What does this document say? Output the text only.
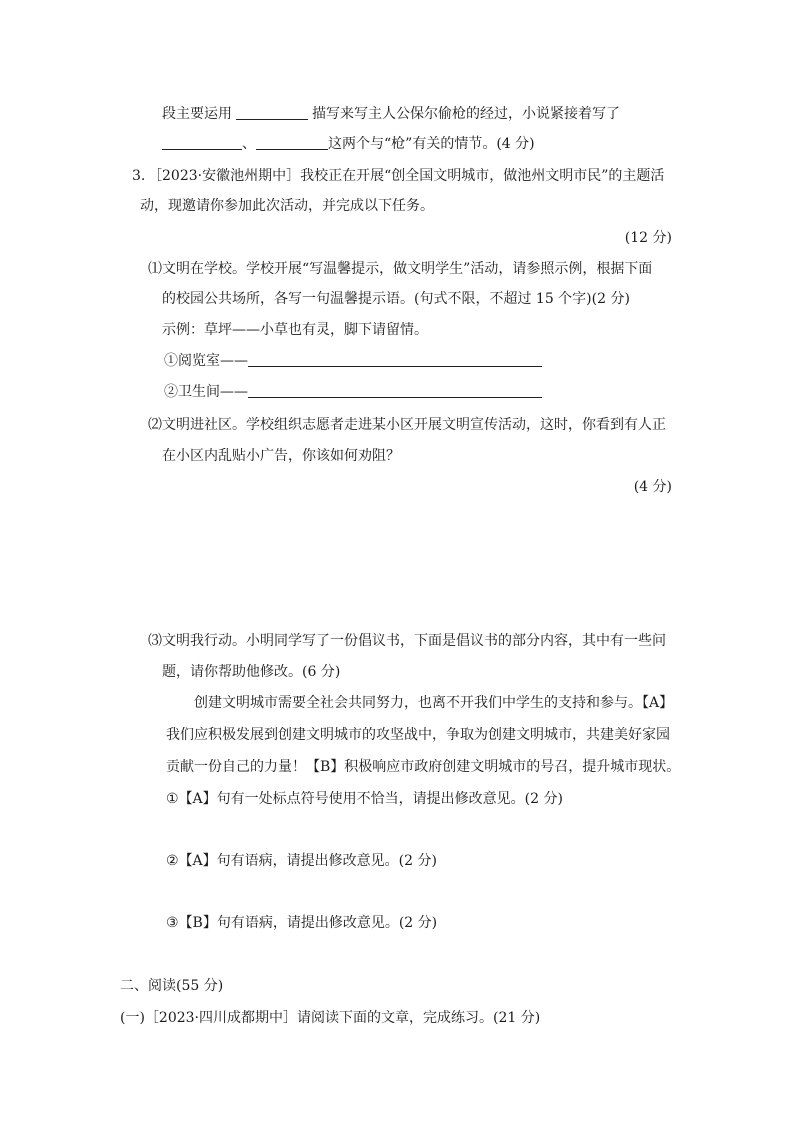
段主要运用	描写来写主人公保尔偷枪的经过，小说紧接着写了
、	这两个与“枪”有关的情节。(4 分)
3. ［2023·安徽池州期中］我校正在开展“创全国文明城市，做池州文明市民”的主题活
动，现邀请你参加此次活动，并完成以下任务。
(12 分)
⑴文明在学校。学校开展“写温馨提示，做文明学生”活动，请参照示例，根据下面
的校园公共场所，各写一句温馨提示语。(句式不限，不超过 15 个字)(2 分)
示例：草坪——小草也有灵，脚下请留情。
①阅览室——
②卫生间——
⑵文明进社区。学校组织志愿者走进某小区开展文明宣传活动，这时，你看到有人正
在小区内乱贴小广告，你该如何劝阻？
(4 分)
⑶文明我行动。小明同学写了一份倡议书，下面是倡议书的部分内容，其中有一些问
题，请你帮助他修改。(6 分)
创建文明城市需要全社会共同努力，也离不开我们中学生的支持和参与。【A】
我们应积极发展到创建文明城市的攻坚战中，争取为创建文明城市，共建美好家园
贡献一份自己的力量！【B】积极响应市政府创建文明城市的号召，提升城市现状。
①【A】句有一处标点符号使用不恰当，请提出修改意见。(2 分)
②【A】句有语病，请提出修改意见。(2 分)
③【B】句有语病，请提出修改意见。(2 分)
二、阅读(55 分)
(一)［2023·四川成都期中］请阅读下面的文章，完成练习。(21 分)
